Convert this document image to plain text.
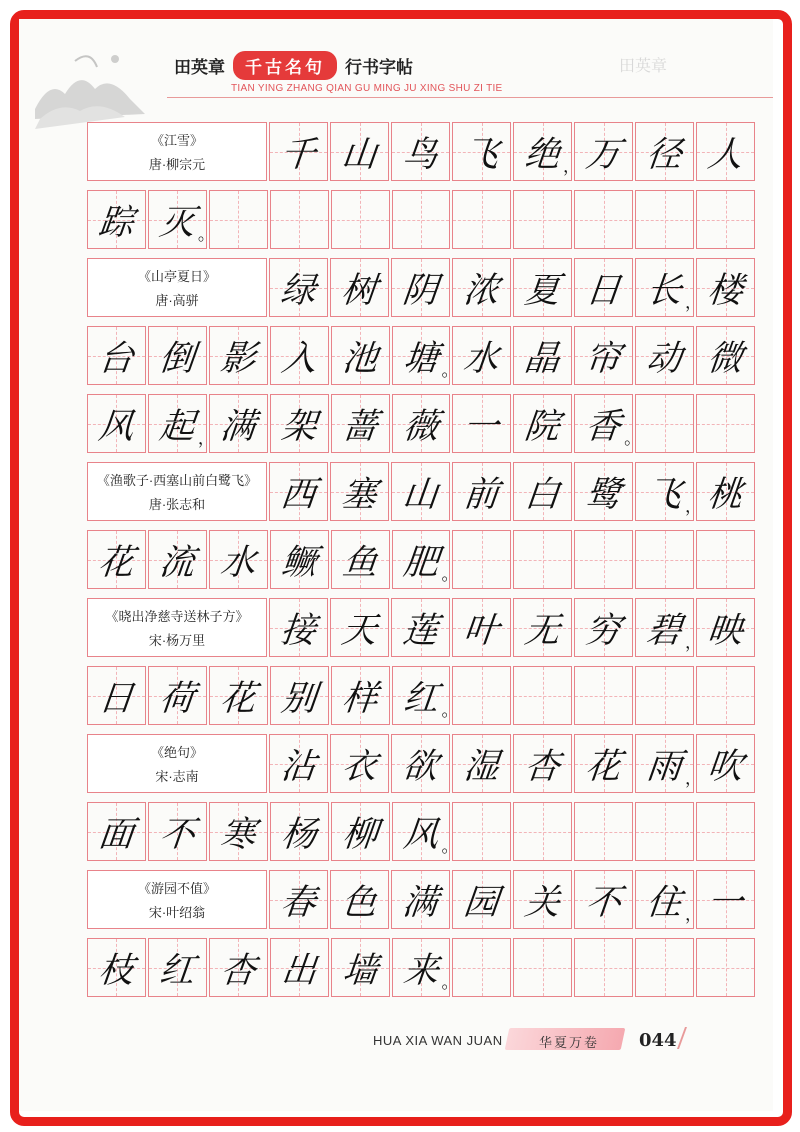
田英章	千古名句	行书字帖
TIAN YING ZHANG QIAN GU MING JU XING SHU ZI TIE
田英章
《江雪》
唐·柳宗元	千 山 鸟 飞 绝 ， 万 径 人
踪 灭 。
《山亭夏日》
唐·高骈	绿 树 阴 浓 夏 日 长 ， 楼
台 倒 影 入 池 塘 。 水 晶 帘 动 微
风 起 ， 满 架 蔷 薇 一 院 香 。
《渔歌子·西塞山前白鹭飞》
唐·张志和	西 塞 山 前 白 鹭 飞 ， 桃
花 流 水 鳜 鱼 肥 。
《晓出净慈寺送林子方》
宋·杨万里	接 天 莲 叶 无 穷 碧 ， 映
日 荷 花 别 样 红 。
《绝句》
宋·志南	沾 衣 欲 湿 杏 花 雨 ， 吹
面 不 寒 杨 柳 风 。
《游园不值》
宋·叶绍翁	春 色 满 园 关 不 住 ， 一
枝 红 杏 出 墙 来 。
HUA XIA WAN JUAN	华夏万卷 044
